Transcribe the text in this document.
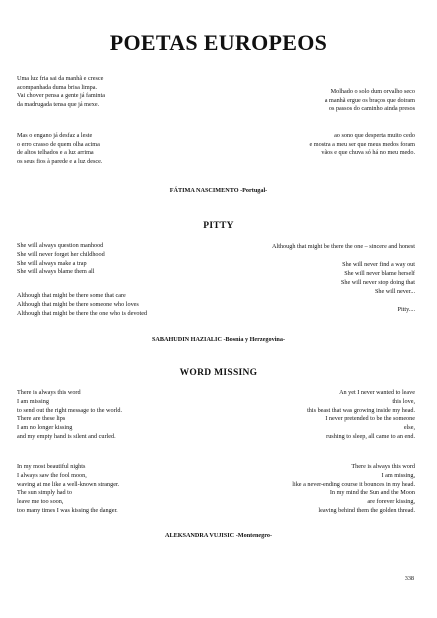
POETAS EUROPEOS
Uma luz fria sai da manhã e cresce
acompanhada duma brisa limpa.
Vai chover pensa a gente já faminta
da madrugada tensa que já mexe.
Mas o engano já desfaz a leste
o erro crasso de quem olha acima
de altos telhados e a luz arrima
os seus fios à parede e a luz desce.
Molhado o solo dum orvalho seco
a manhã ergue os braços que doiram
os passos do caminho ainda presos
ao sono que desperta muito cedo
e mostra a meu ser que meus medos foram
vãos e que chuva só há no meu medo.

FÁTIMA NASCIMENTO -Portugal-

PITTY
She will always question manhood
She will never forget her childhood
She will always make a trap
She will always blame them all
Although that might be there some that care
Although that might be there someone who loves
Although that might be there the one who is devoted
Although that might be there the one – sincere and honest
She will never find a way out
She will never blame herself
She will never stop doing that
She will never...
Pitty....

SABAHUDIN HAZIALIC -Bosnia y Herzegovina-

WORD MISSING
There is always this word
I am missing
to send out the right message to the world.
There are these lips
I am no longer kissing
and my empty hand is silent and curled.
In my most beautiful nights
I always saw the fool moon,
waving at me like a well-known stranger.
The sun simply had to
leave me too soon,
too many times I was kissing the danger.
An yet I never wanted to leave
this love,
this beast that was growing inside my head.
I never pretended to be the someone
else,
rushing to sleep, all came to an end.
There is always this word
I am missing,
like a never-ending course it bounces in my head.
In my mind the Sun and the Moon
are forever kissing,
leaving behind them the golden thread.

ALEKSANDRA VUJISIC -Montenegro-

338
